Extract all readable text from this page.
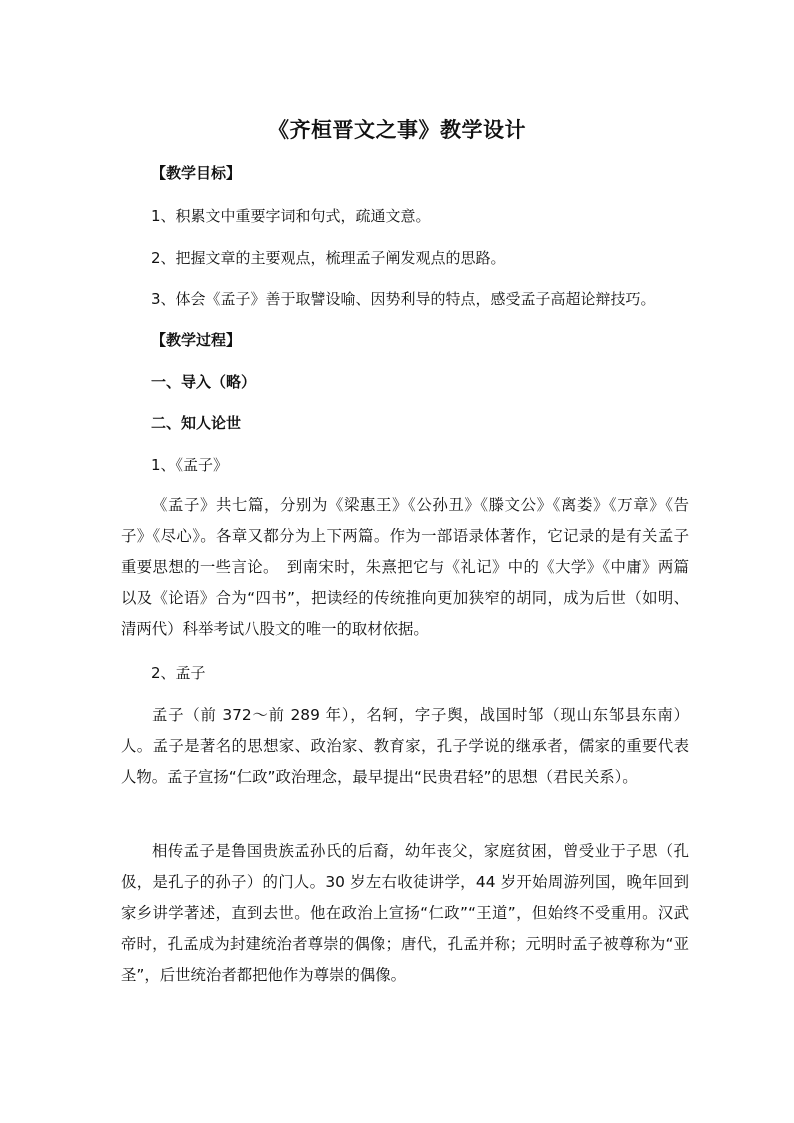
《齐桓晋文之事》教学设计
【教学目标】
1、积累文中重要字词和句式，疏通文意。
2、把握文章的主要观点，梳理孟子阐发观点的思路。
3、体会《孟子》善于取譬设喻、因势利导的特点，感受孟子高超论辩技巧。
【教学过程】
一、导入（略）
二、知人论世
1、《孟子》
《孟子》共七篇，分别为《梁惠王》《公孙丑》《滕文公》《离娄》《万章》《告子》《尽心》。各章又都分为上下两篇。作为一部语录体著作，它记录的是有关孟子重要思想的一些言论。　到南宋时，朱熹把它与《礼记》中的《大学》《中庸》两篇以及《论语》合为“四书”，把读经的传统推向更加狭窄的胡同，成为后世（如明、清两代）科举考试八股文的唯一的取材依据。
2、孟子
孟子（前 372～前 289 年），名轲，字子舆，战国时邹（现山东邹县东南）人。孟子是著名的思想家、政治家、教育家，孔子学说的继承者，儒家的重要代表人物。孟子宣扬“仁政”政治理念，最早提出“民贵君轻”的思想（君民关系）。
相传孟子是鲁国贵族孟孙氏的后裔，幼年丧父，家庭贫困，曾受业于子思（孔伋，是孔子的孙子）的门人。30 岁左右收徒讲学，44 岁开始周游列国，晚年回到家乡讲学著述，直到去世。他在政治上宣扬“仁政”“王道”，但始终不受重用。汉武帝时，孔孟成为封建统治者尊崇的偶像；唐代，孔孟并称；元明时孟子被尊称为“亚圣”，后世统治者都把他作为尊崇的偶像。
